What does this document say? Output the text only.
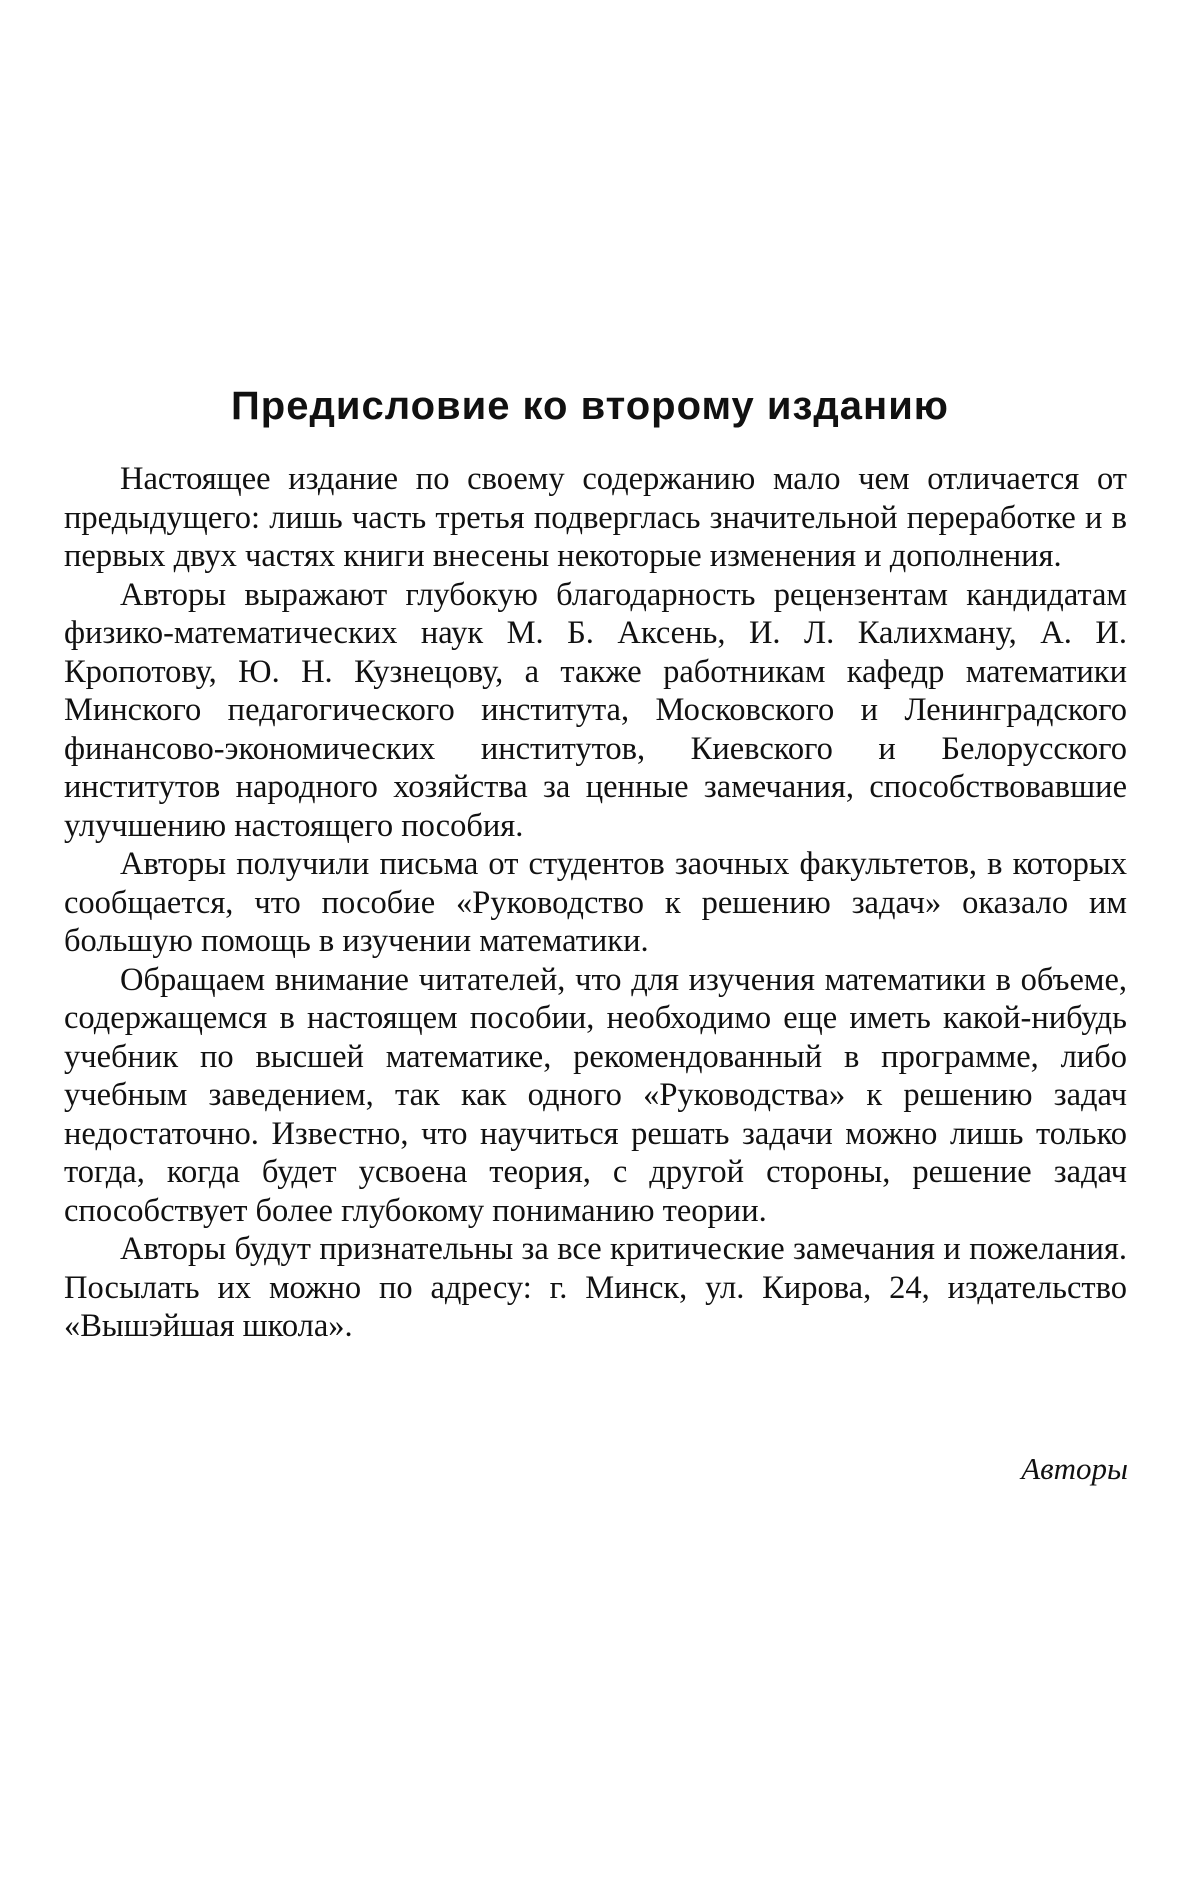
Предисловие ко второму изданию

Настоящее издание по своему содержанию мало чем отличается от предыдущего: лишь часть третья подверглась значительной переработке и в первых двух частях книги внесены некоторые изменения и дополнения.

Авторы выражают глубокую благодарность рецензентам кандидатам физико-математических наук М. Б. Аксень, И. Л. Калихману, А. И. Кропотову, Ю. Н. Кузнецову, а также работникам кафедр математики Минского педагогического института, Московского и Ленинградского финансово-экономических институтов, Киевского и Белорусского институтов народного хозяйства за ценные замечания, способствовавшие улучшению настоящего пособия.

Авторы получили письма от студентов заочных факультетов, в которых сообщается, что пособие «Руководство к решению задач» оказало им большую помощь в изучении математики.

Обращаем внимание читателей, что для изучения математики в объеме, содержащемся в настоящем пособии, необходимо еще иметь какой-нибудь учебник по высшей математике, рекомендованный в программе, либо учебным заведением, так как одного «Руководства» к решению задач недостаточно. Известно, что научиться решать задачи можно лишь только тогда, когда будет усвоена теория, с другой стороны, решение задач способствует более глубокому пониманию теории.

Авторы будут признательны за все критические замечания и пожелания. Посылать их можно по адресу: г. Минск, ул. Кирова, 24, издательство «Вышэйшая школа».

Авторы
